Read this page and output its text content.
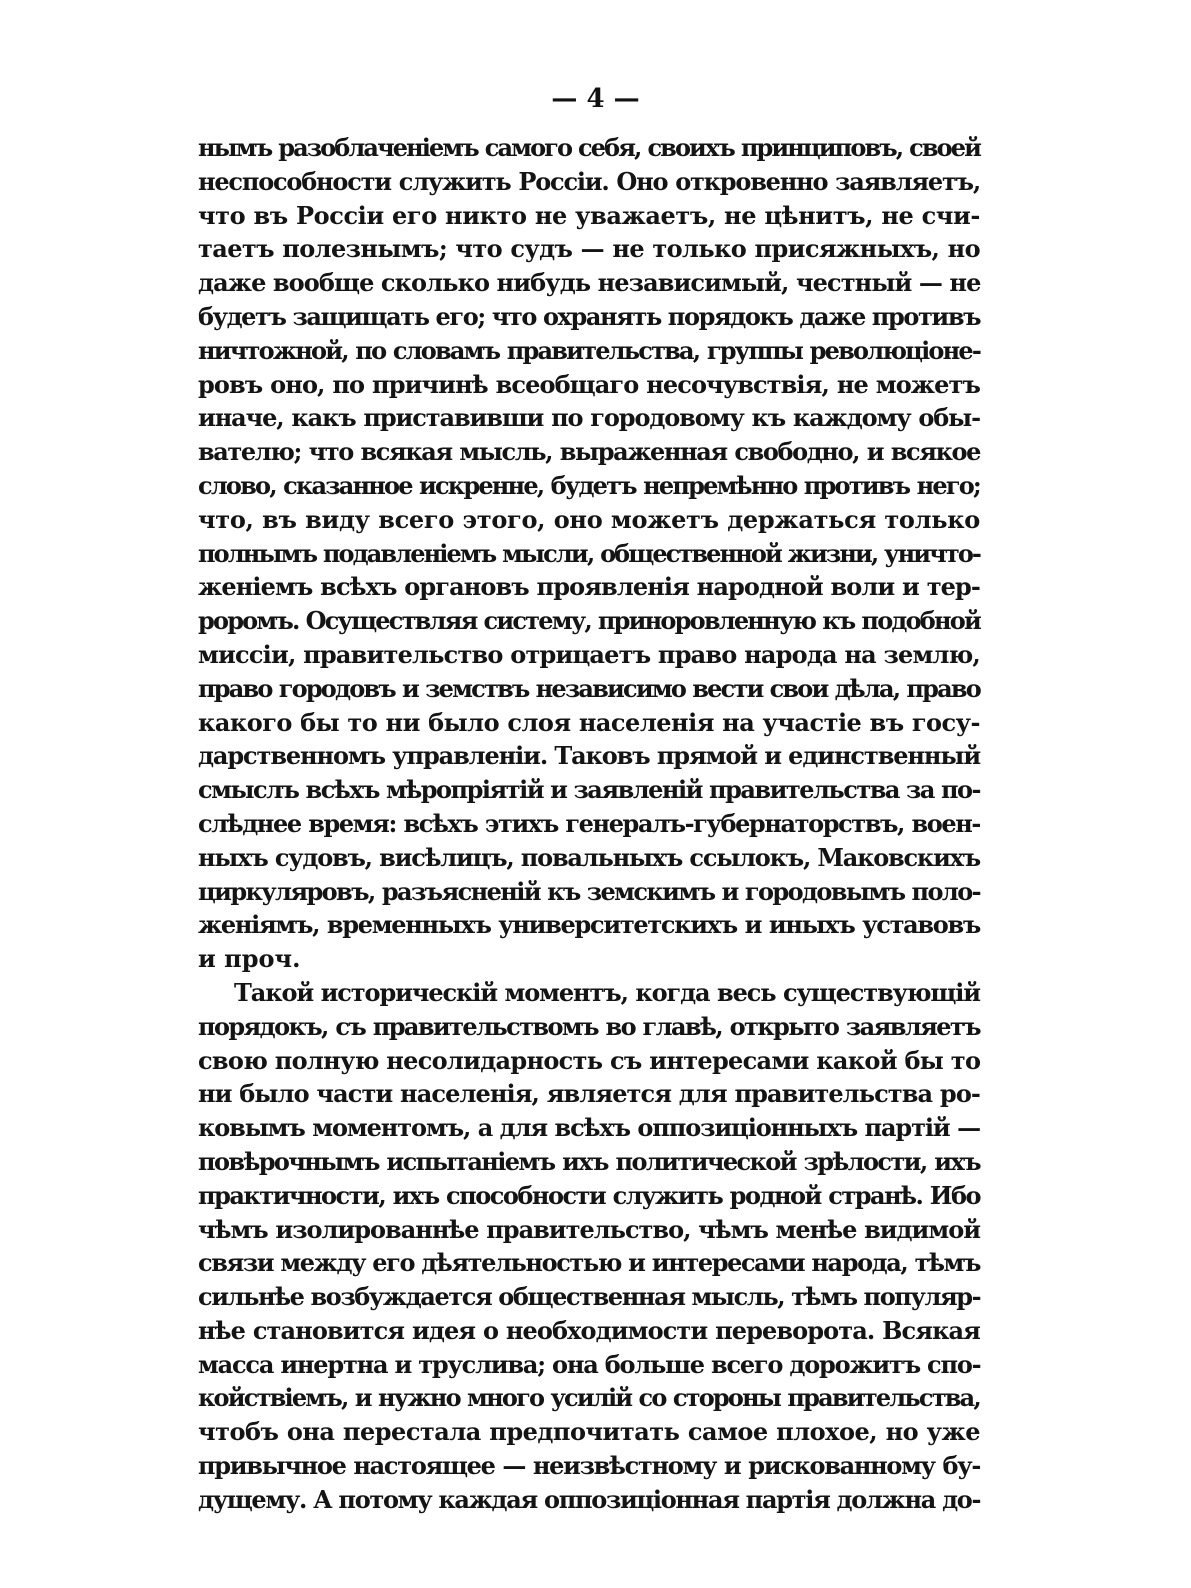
— 4 —
нымъ разоблаченіемъ самого себя, своихъ принциповъ, своей
неспособности служить Россіи. Оно откровенно заявляетъ,
что въ Россіи его никто не уважаетъ, не цѣнитъ, не счи-
таетъ полезнымъ; что судъ — не только присяжныхъ, но
даже вообще сколько нибудь независимый, честный — не
будетъ защищать его; что охранять порядокъ даже противъ
ничтожной, по словамъ правительства, группы революціоне-
ровъ оно, по причинѣ всеобщаго несочувствія, не можетъ
иначе, какъ приставивши по городовому къ каждому обы-
вателю; что всякая мысль, выраженная свободно, и всякое
слово, сказанное искренне, будетъ непремѣнно противъ него;
что, въ виду всего этого, оно можетъ держаться только
полнымъ подавленіемъ мысли, общественной жизни, уничто-
женіемъ всѣхъ органовъ проявленія народной воли и тер-
роромъ. Осуществляя систему, приноровленную къ подобной
миссіи, правительство отрицаетъ право народа на землю,
право городовъ и земствъ независимо вести свои дѣла, право
какого бы то ни было слоя населенія на участіе въ госу-
дарственномъ управленіи. Таковъ прямой и единственный
смыслъ всѣхъ мѣропріятій и заявленій правительства за по-
слѣднее время: всѣхъ этихъ генералъ-губернаторствъ, воен-
ныхъ судовъ, висѣлицъ, повальныхъ ссылокъ, Маковскихъ
циркуляровъ, разъясненій къ земскимъ и городовымъ поло-
женіямъ, временныхъ университетскихъ и иныхъ уставовъ
и проч.
Такой историческій моментъ, когда весь существующій
порядокъ, съ правительствомъ во главѣ, открыто заявляетъ
свою полную несолидарность съ интересами какой бы то
ни было части населенія, является для правительства ро-
ковымъ моментомъ, а для всѣхъ оппозиціонныхъ партій —
повѣрочнымъ испытаніемъ ихъ политической зрѣлости, ихъ
практичности, ихъ способности служить родной странѣ. Ибо
чѣмъ изолированнѣе правительство, чѣмъ менѣе видимой
связи между его дѣятельностью и интересами народа, тѣмъ
сильнѣе возбуждается общественная мысль, тѣмъ популяр-
нѣе становится идея о необходимости переворота. Всякая
масса инертна и труслива; она больше всего дорожитъ спо-
койствіемъ, и нужно много усилій со стороны правительства,
чтобъ она перестала предпочитать самое плохое, но уже
привычное настоящее — неизвѣстному и рискованному бу-
дущему. А потому каждая оппозиціонная партія должна до-
